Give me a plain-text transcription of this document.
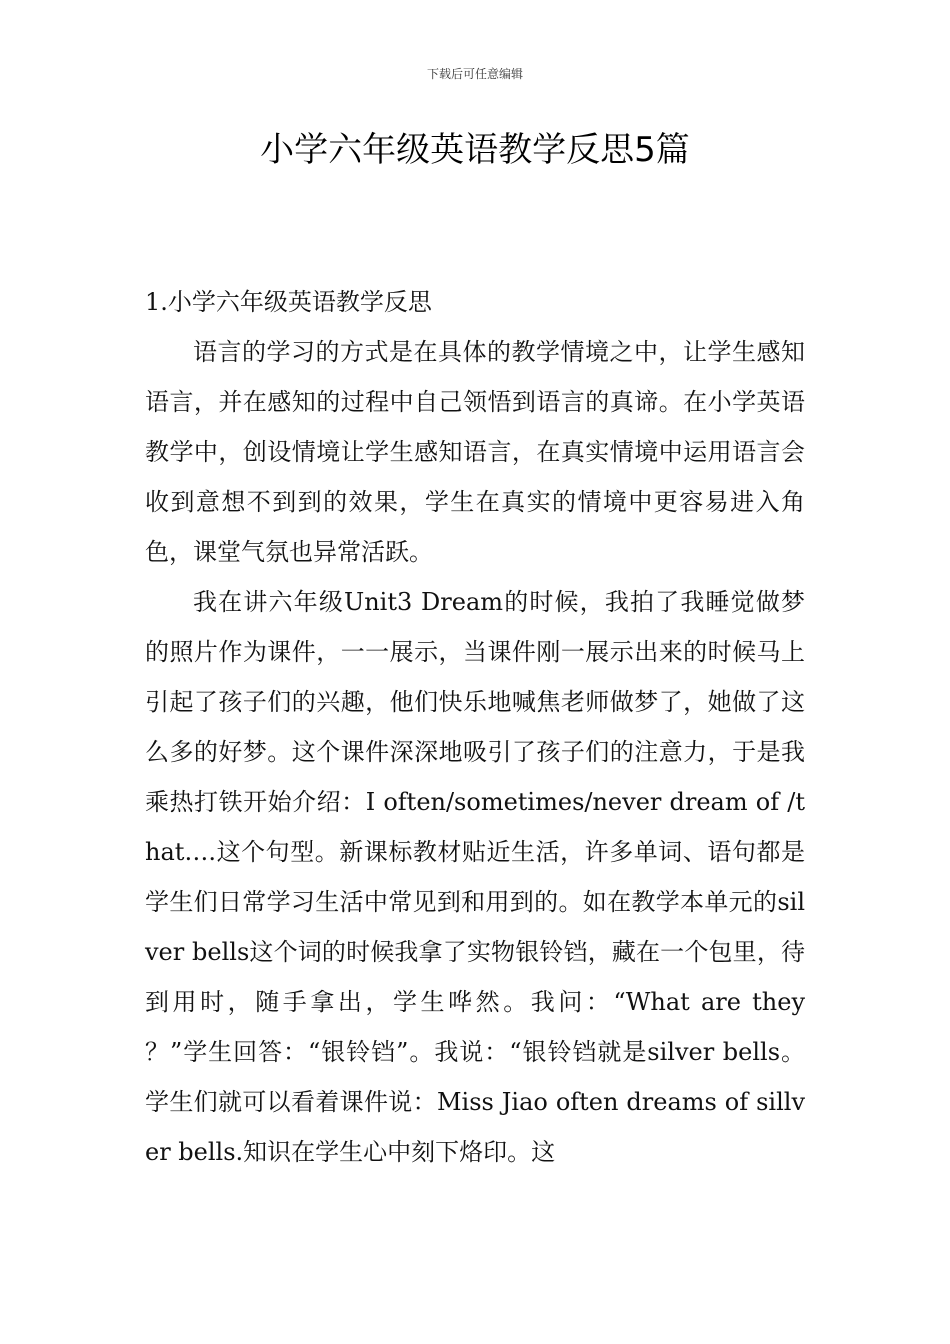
下载后可任意编辑
小学六年级英语教学反思5篇

1.小学六年级英语教学反思

语言的学习的方式是在具体的教学情境之中，让学生感知语言，并在感知的过程中自己领悟到语言的真谛。在小学英语教学中，创设情境让学生感知语言，在真实情境中运用语言会收到意想不到到的效果，学生在真实的情境中更容易进入角色，课堂气氛也异常活跃。

我在讲六年级Unit3 Dream的时候，我拍了我睡觉做梦的照片作为课件，一一展示，当课件刚一展示出来的时候马上引起了孩子们的兴趣，他们快乐地喊焦老师做梦了，她做了这么多的好梦。这个课件深深地吸引了孩子们的注意力，于是我乘热打铁开始介绍：I often/sometimes/never dream of /that….这个句型。新课标教材贴近生活，许多单词、语句都是学生们日常学习生活中常见到和用到的。如在教学本单元的silver bells这个词的时候我拿了实物银铃铛，藏在一个包里，待到用时，随手拿出，学生哗然。我问：“What are they ？”学生回答：“银铃铛”。我说：“银铃铛就是silver bells。学生们就可以看着课件说：Miss Jiao often dreams of sillver bells.知识在学生心中刻下烙印。这
